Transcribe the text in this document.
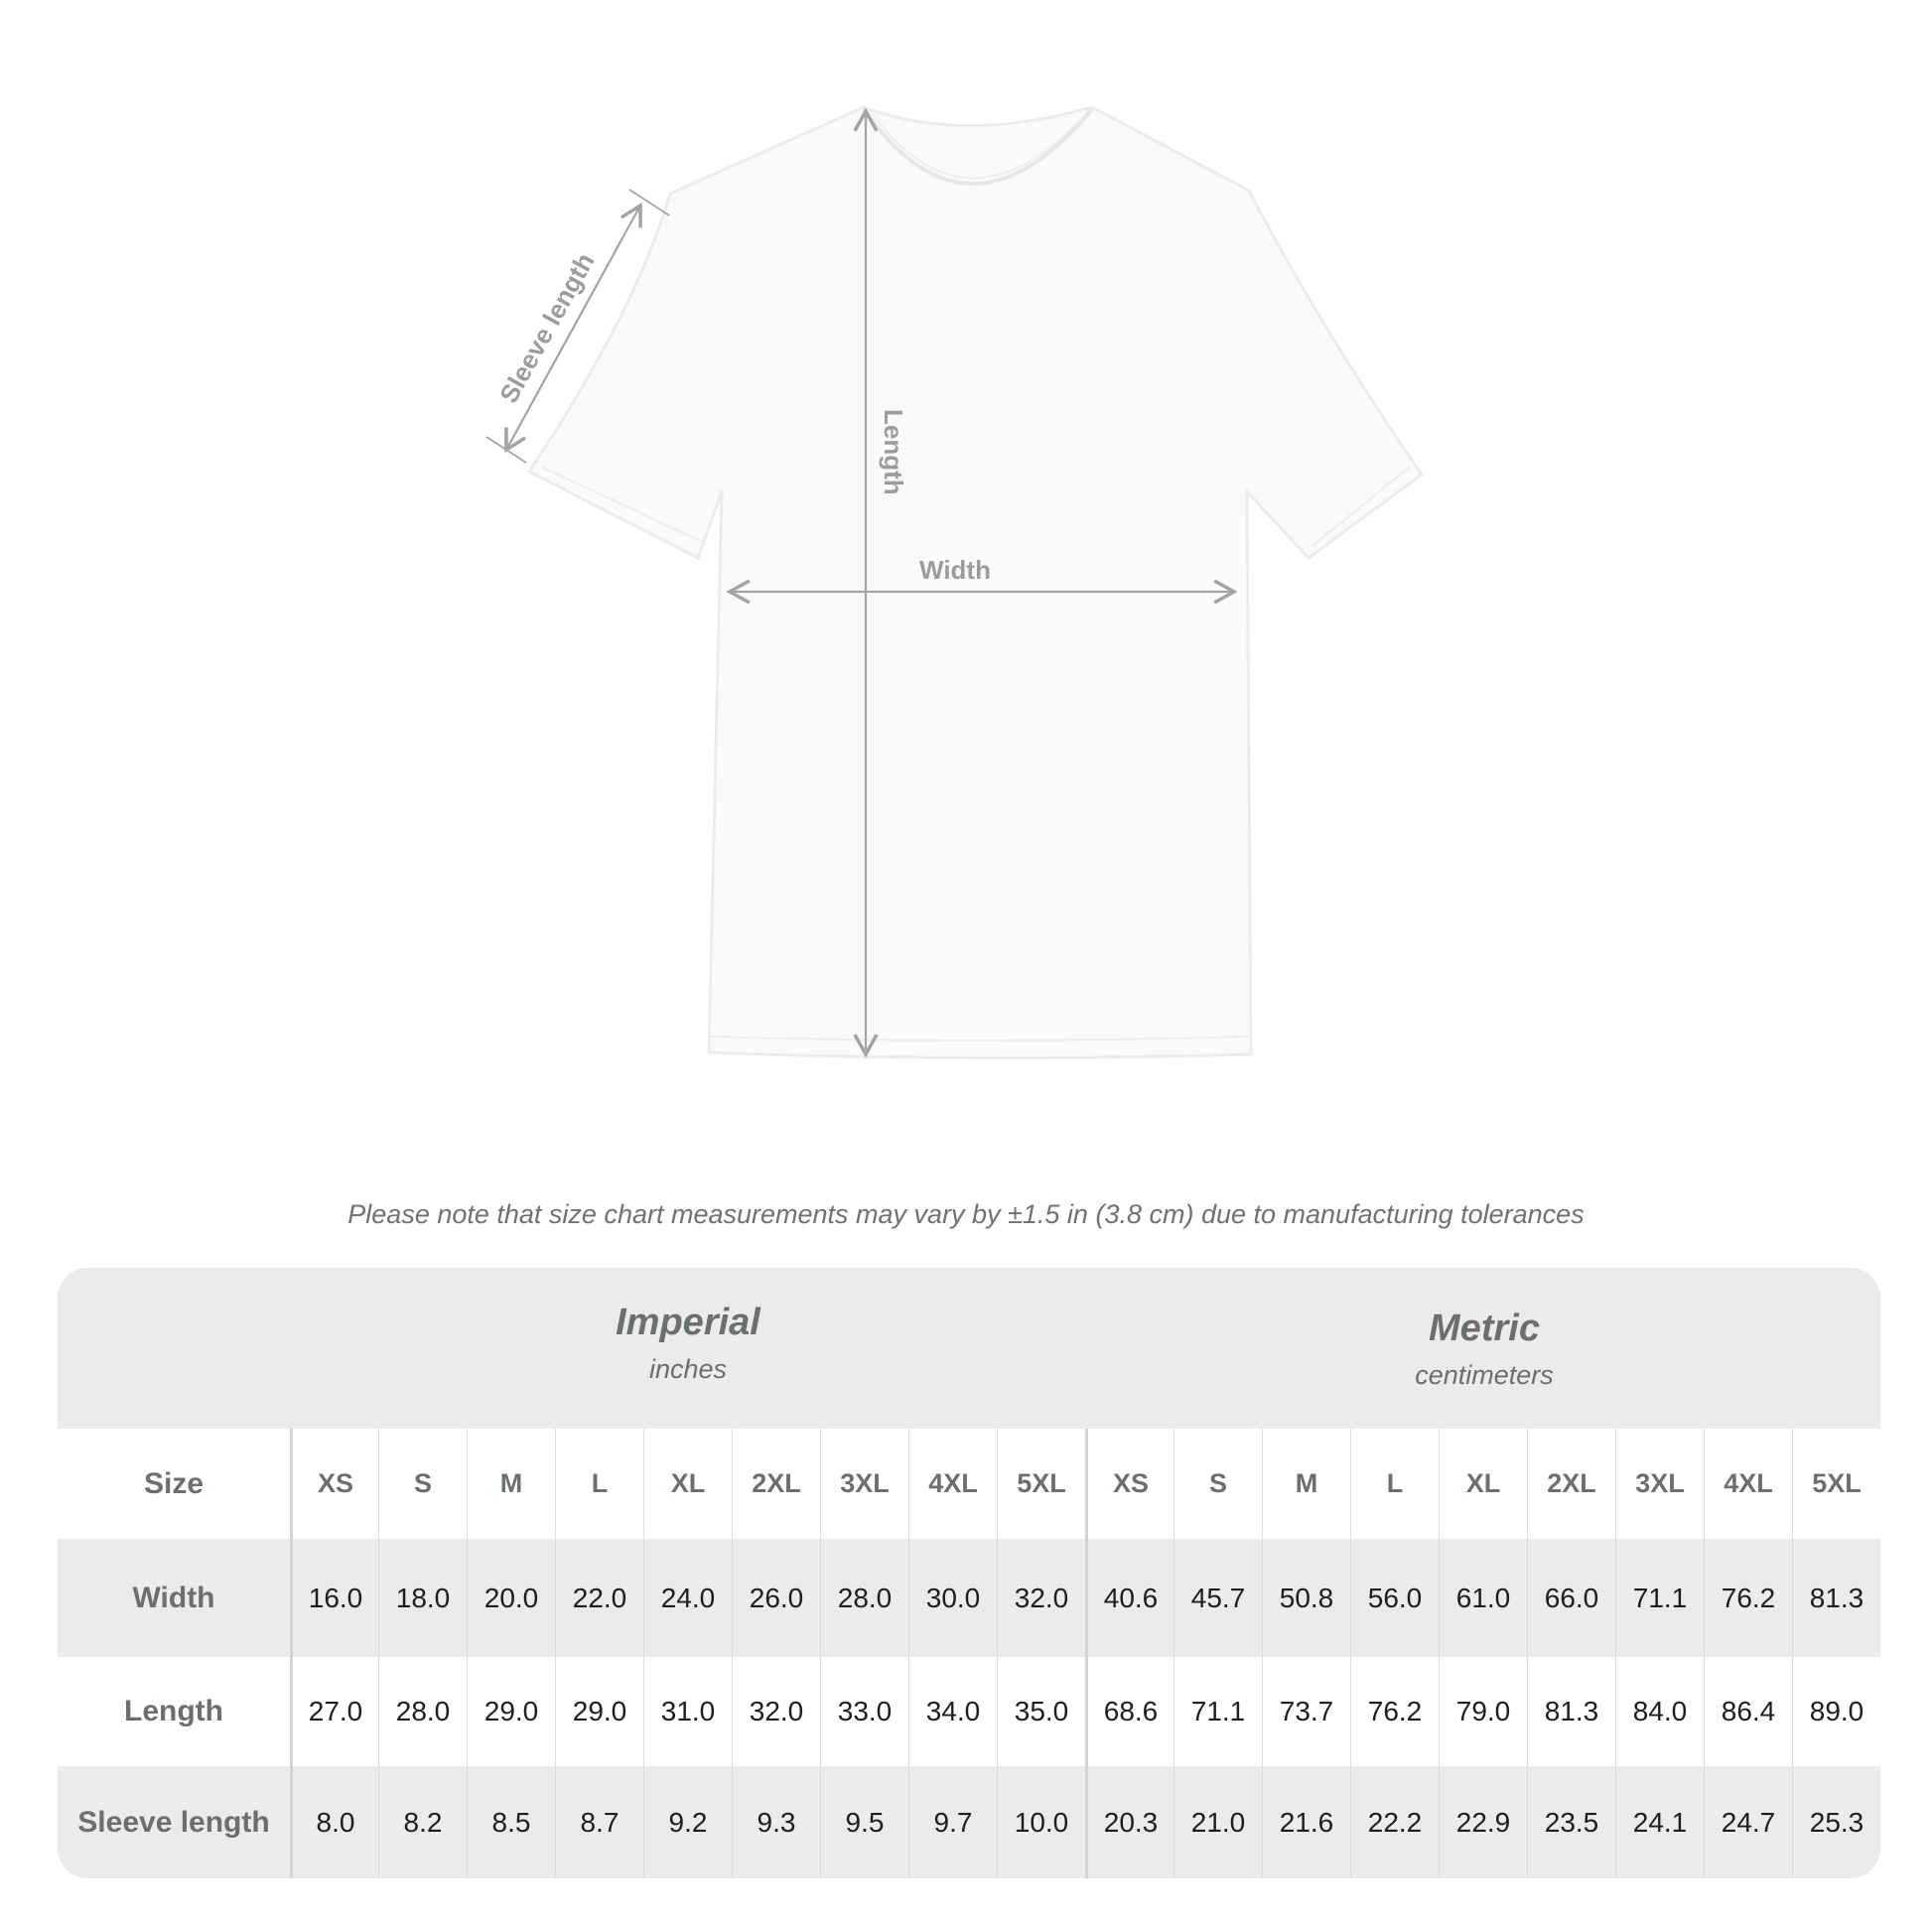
Sleeve length
Length
Width
Please note that size chart measurements may vary by ±1.5 in (3.8 cm) due to manufacturing tolerances
Imperial
inches
Metric
centimeters
Size	XS	S	M	L	XL	2XL	3XL	4XL	5XL	XS	S	M	L	XL	2XL	3XL	4XL	5XL
Width	16.0	18.0	20.0	22.0	24.0	26.0	28.0	30.0	32.0	40.6	45.7	50.8	56.0	61.0	66.0	71.1	76.2	81.3
Length	27.0	28.0	29.0	29.0	31.0	32.0	33.0	34.0	35.0	68.6	71.1	73.7	76.2	79.0	81.3	84.0	86.4	89.0
Sleeve length	8.0	8.2	8.5	8.7	9.2	9.3	9.5	9.7	10.0	20.3	21.0	21.6	22.2	22.9	23.5	24.1	24.7	25.3
